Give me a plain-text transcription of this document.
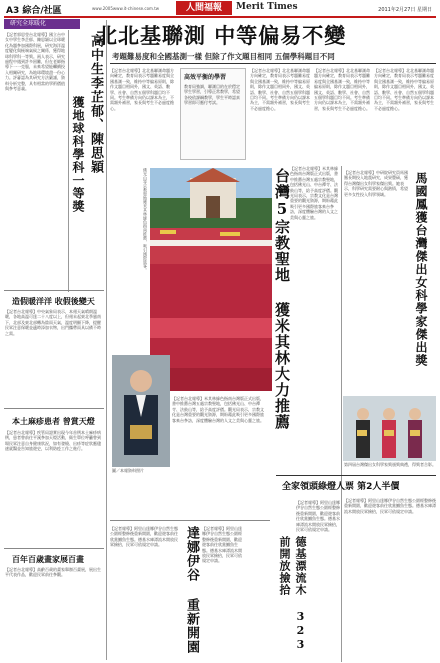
A3 綜合/社區	www.2005www.it-chinese.com.tw	人間福報	Merit Times	2011年2月27日 星期日
研究全球暖化
高中生李芷郁、陳思穎
獲地球科學科一等獎
【記者郭思瑩台北報導】國立台中女中學生李芷郁、陳思穎以全球暖化為題參加國際科展，研究海洋溫度變化與極端氣候之關係，獲得地球科學科一等獎。兩人表示，研究過程中遇到許多困難，但在老師指導下一一克服，未來希望能繼續投入相關研究，為地球環境盡一份心力。評審認為其研究方法嚴謹，資料分析完整，具有相當的學術價值與參考意義。
造假暖洋洋 收假後變天
【記者台北報導】中央氣象局表示，本週天氣晴朗溫暖，各地高溫可達二十八度以上，但週末起東北季風南下，北部及東北部轉為陰雨天氣，溫度明顯下降，提醒民眾注意保暖並適時添加衣物，出門攜帶雨具以備不時之需。
本土麻疹患者 曾賞天燈
【記者台北報導】疾管局證實出現今年首例本土麻疹病例，患者曾前往平溪參加天燈活動，衛生單位呼籲曾到場民眾注意自身健康狀況，如有發燒、出疹等症狀應儘速就醫並告知旅遊史，以利防疫工作之進行。
百年百歲畫家展百畫
【記者台北報導】高齡百歲的畫家舉辦百畫展，展出生平代表作品，歡迎民眾前往參觀。
北北基聯測 中等偏易不變
考題難易度和全國基測一樣 但除了作文題目相同 五個學科題目不同
【記者台北報導】北北基聯測命題方向確定，教育局表示考題難易度與全國基測一致，維持中等偏易原則，除作文題目相同外，國文、英語、數學、社會、自然五個學科題目均不同。考生準備方向仍以課本為主，不需額外補習，家長與考生不必過度擔心。
高效平衡的學習
教育局強調，聯測目的在於穩定學生學習，引導正常教學，希望各校依課綱教學，學生平時認真學習即可應付考試。
【記者台北報導】北北基聯測命題方向確定，教育局表示考題難易度與全國基測一致，維持中等偏易原則，除作文題目相同外，國文、英語、數學、社會、自然五個學科題目均不同。考生準備方向仍以課本為主，不需額外補習，家長與考生不必過度擔心。
【記者台北報導】北北基聯測命題方向確定，教育局表示考題難易度與全國基測一致，維持中等偏易原則，除作文題目相同外，國文、英語、數學、社會、自然五個學科題目均不同。考生準備方向仍以課本為主，不需額外補習，家長與考生不必過度擔心。
【記者台北報導】北北基聯測命題方向確定，教育局表示考題難易度與全國基測一致，維持中等偏易原則，除作文題目相同外，國文、英語、數學、社會、自然五個學科題目均不同。考生準備方向仍以課本為主，不需額外補習，家長與考生不必過度擔心。
佛光山等宗教聖地獲米其林綠色指南推薦，吸引國際旅客。	台灣5宗教聖地 獲米其林大力推薦 【記者台北報導】米其林綠色指南台灣版正式出版，書中推薦台灣五處宗教聖地，包括佛光山、中台禪寺、法鼓山等，給予高度評價。觀光局表示，宗教文化是台灣重要的觀光資源，期盼藉此吸引更多國際旅客來台參訪，深度體驗台灣的人文之美與心靈之旅。
【記者台北報導】米其林綠色指南台灣版正式出版，書中推薦台灣五處宗教聖地，包括佛光山、中台禪寺、法鼓山等，給予高度評價。觀光局表示，宗教文化是台灣重要的觀光資源，期盼藉此吸引更多國際旅客來台參訪，深度體驗台灣的人文之美與心靈之旅。
圖／本報資料照片
馬國鳳獲台灣傑出女科學家傑出獎
【記者台北報導】中研院研究員馬國鳳長期投入地震研究，成果豐碩，獲得台灣傑出女科學家傑出獎。她表示，科學研究需要耐心與熱情，希望更多女性投入科學領域。
第四屆台灣傑出女科學家獎頒獎典禮，得獎者合影。
全家領頭綠燈人票 第2人半價
【記者報導】阿里山達娜伊谷自然生態公園經整修後重新開園，歡迎遊客前往欣賞鯝魚生態。德基水庫漂流木開放民眾撿拾，民眾可依規定申請。
達娜伊谷 重新開園
【記者報導】阿里山達娜伊谷自然生態公園經整修後重新開園，歡迎遊客前往欣賞鯝魚生態。德基水庫漂流木開放民眾撿拾，民眾可依規定申請。
【記者報導】阿里山達娜伊谷自然生態公園經整修後重新開園，歡迎遊客前往欣賞鯝魚生態。德基水庫漂流木開放民眾撿拾，民眾可依規定申請。	德基漂流木 323前開放撿拾
【記者報導】阿里山達娜伊谷自然生態公園經整修後重新開園，歡迎遊客前往欣賞鯝魚生態。德基水庫漂流木開放民眾撿拾，民眾可依規定申請。
